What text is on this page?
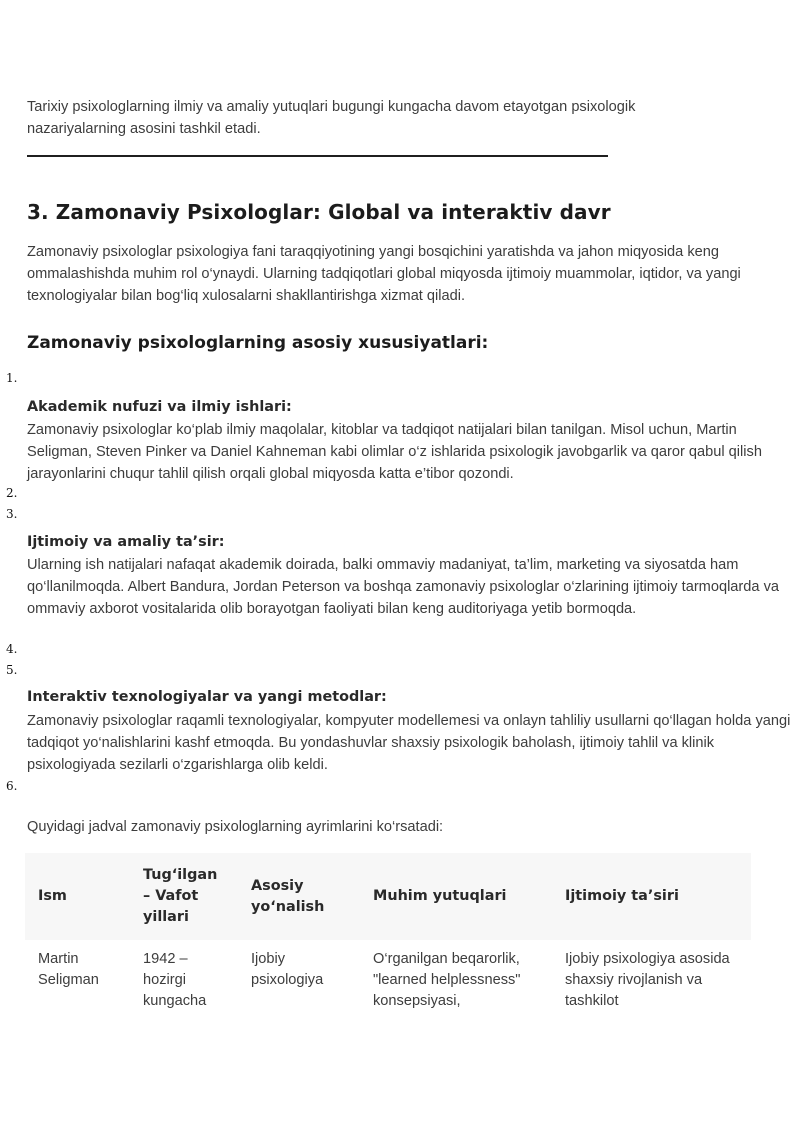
Tarixiy psixologlarning ilmiy va amaliy yutuqlari bugungi kungacha davom etayotgan psixologik nazariyalarning asosini tashkil etadi.
3. Zamonaviy Psixologlar: Global va interaktiv davr
Zamonaviy psixologlar psixologiya fani taraqqiyotining yangi bosqichini yaratishda va jahon miqyosida keng ommalashishda muhim rol o‘ynaydi. Ularning tadqiqotlari global miqyosda ijtimoiy muammolar, iqtidor, va yangi texnologiyalar bilan bog‘liq xulosalarni shakllantirishga xizmat qiladi.
Zamonaviy psixologlarning asosiy xususiyatlari:
1.
2.
3.
4.
5.
6.
Akademik nufuzi va ilmiy ishlari:
Zamonaviy psixologlar ko‘plab ilmiy maqolalar, kitoblar va tadqiqot natijalari bilan tanilgan. Misol uchun, Martin Seligman, Steven Pinker va Daniel Kahneman kabi olimlar o‘z ishlarida psixologik javobgarlik va qaror qabul qilish jarayonlarini chuqur tahlil qilish orqali global miqyosda katta e’tibor qozondi.
Ijtimoiy va amaliy ta’sir:
Ularning ish natijalari nafaqat akademik doirada, balki ommaviy madaniyat, ta’lim, marketing va siyosatda ham qo‘llanilmoqda. Albert Bandura, Jordan Peterson va boshqa zamonaviy psixologlar o‘zlarining ijtimoiy tarmoqlarda va ommaviy axborot vositalarida olib borayotgan faoliyati bilan keng auditoriyaga yetib bormoqda.
Interaktiv texnologiyalar va yangi metodlar:
Zamonaviy psixologlar raqamli texnologiyalar, kompyuter modellemesi va onlayn tahliliy usullarni qo‘llagan holda yangi tadqiqot yo‘nalishlarini kashf etmoqda. Bu yondashuvlar shaxsiy psixologik baholash, ijtimoiy tahlil va klinik psixologiyada sezilarli o‘zgarishlarga olib keldi.
Quyidagi jadval zamonaviy psixologlarning ayrimlarini ko‘rsatadi:
Ism	Tug‘ilgan – Vafot yillari	Asosiy yo‘nalish	Muhim yutuqlari	Ijtimoiy ta’siri
Martin Seligman	1942 – hozirgi kungacha	Ijobiy psixologiya	O‘rganilgan beqarorlik, "learned helplessness" konsepsiyasi,	Ijobiy psixologiya asosida shaxsiy rivojlanish va tashkilot
